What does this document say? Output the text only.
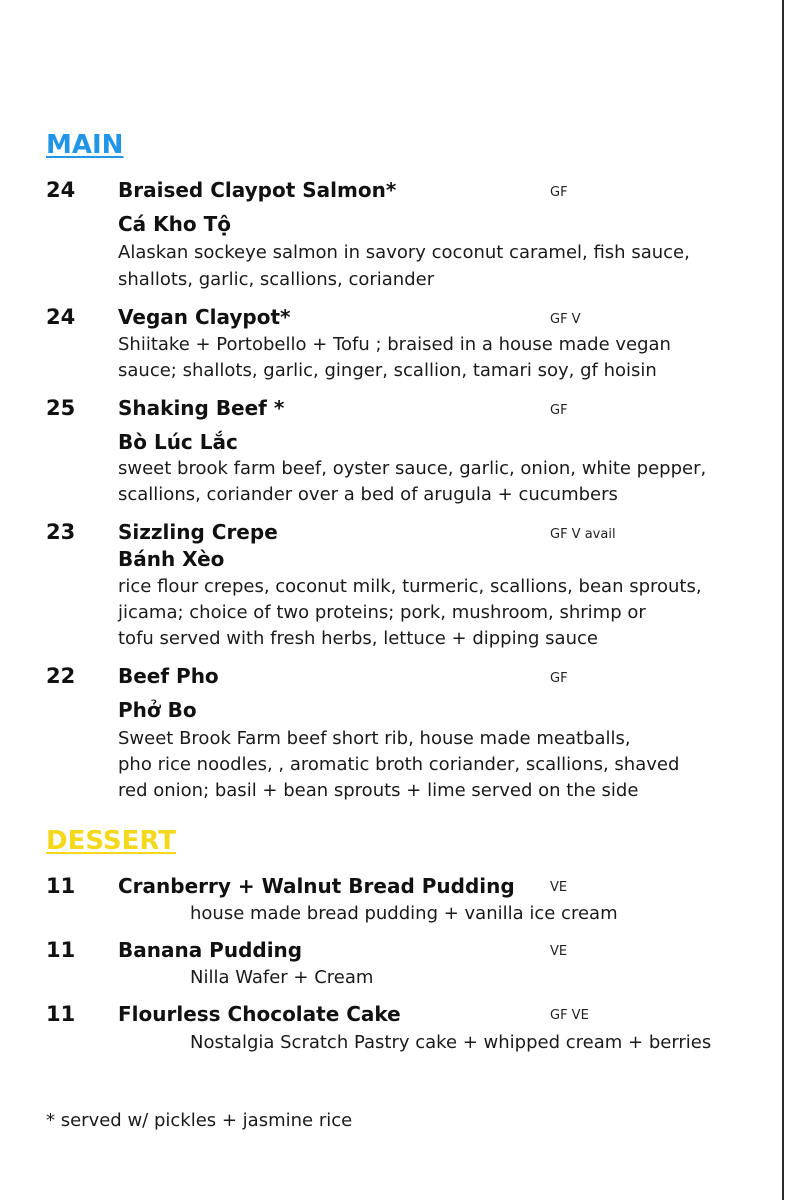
MAIN
24 Braised Claypot Salmon*	GF
Cá Kho Tộ
Alaskan sockeye salmon in savory coconut caramel, fish sauce,
shallots, garlic, scallions, coriander
24 Vegan Claypot*	GF V
Shiitake + Portobello + Tofu ; braised in a house made vegan
sauce; shallots, garlic, ginger, scallion, tamari soy, gf hoisin
25 Shaking Beef *	GF
Bò Lúc Lắc
sweet brook farm beef, oyster sauce, garlic, onion, white pepper,
scallions, coriander over a bed of arugula + cucumbers
23 Sizzling Crepe	GF V avail
Bánh Xèo
rice flour crepes, coconut milk, turmeric, scallions, bean sprouts,
jicama; choice of two proteins; pork, mushroom, shrimp or
tofu served with fresh herbs, lettuce + dipping sauce
22 Beef Pho	GF
Phở Bo
Sweet Brook Farm beef short rib, house made meatballs,
pho rice noodles, , aromatic broth coriander, scallions, shaved
red onion; basil + bean sprouts + lime served on the side
DESSERT
11 Cranberry + Walnut Bread Pudding	VE
house made bread pudding + vanilla ice cream
11 Banana Pudding	VE
Nilla Wafer + Cream
11 Flourless Chocolate Cake	GF VE
Nostalgia Scratch Pastry cake + whipped cream + berries
* served w/ pickles + jasmine rice
